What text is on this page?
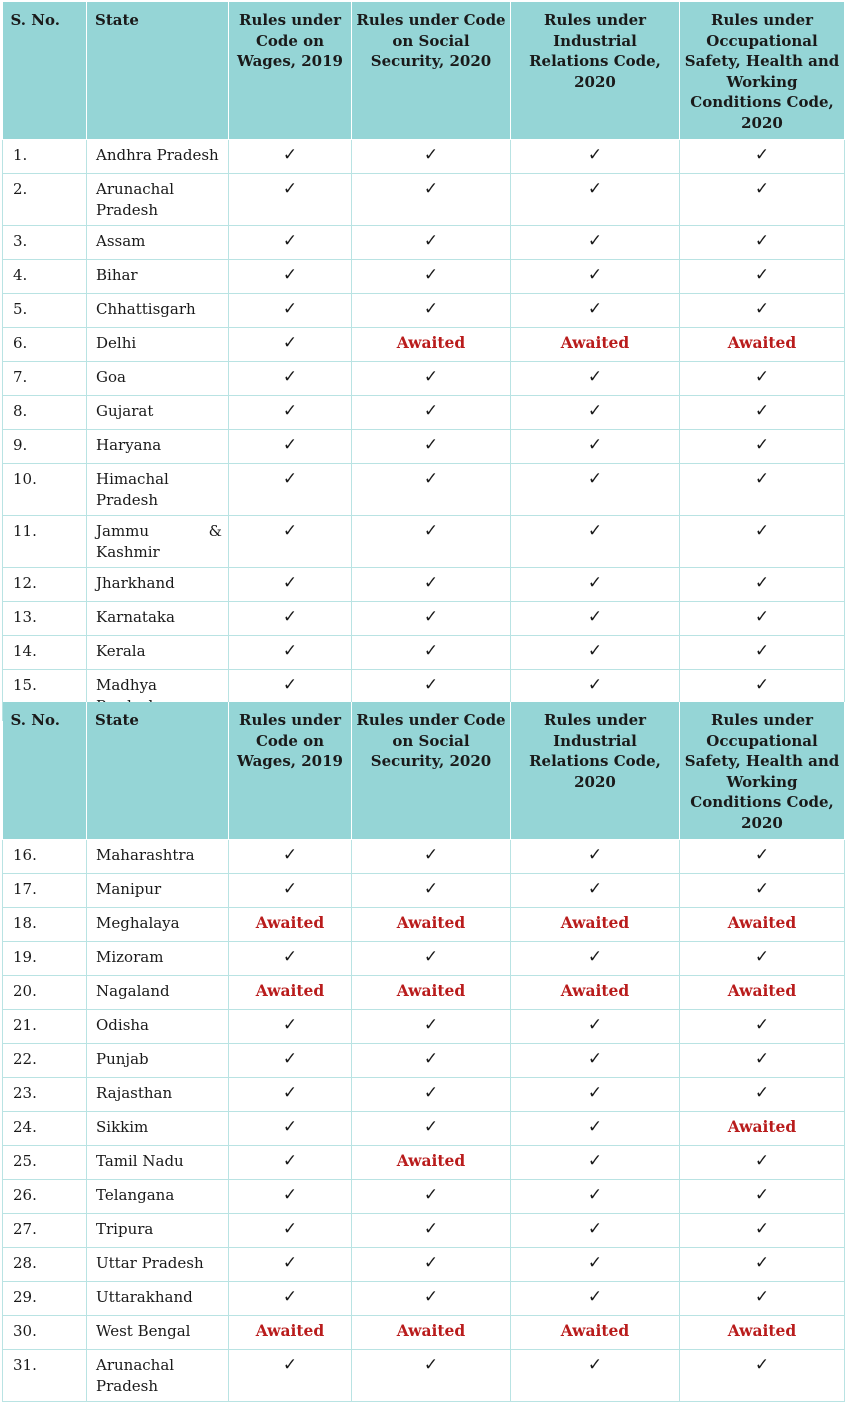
S. No.	State	Rules under Code on Wages, 2019	Rules under Code on Social Security, 2020	Rules under Industrial Relations Code, 2020	Rules under Occupational Safety, Health and Working Conditions Code, 2020
1.	Andhra Pradesh	✓	✓	✓	✓
2.	Arunachal Pradesh	✓	✓	✓	✓
3.	Assam	✓	✓	✓	✓
4.	Bihar	✓	✓	✓	✓
5.	Chhattisgarh	✓	✓	✓	✓
6.	Delhi	✓	Awaited	Awaited	Awaited
7.	Goa	✓	✓	✓	✓
8.	Gujarat	✓	✓	✓	✓
9.	Haryana	✓	✓	✓	✓
10.	Himachal Pradesh	✓	✓	✓	✓
11.	Jammu & Kashmir	✓	✓	✓	✓
12.	Jharkhand	✓	✓	✓	✓
13.	Karnataka	✓	✓	✓	✓
14.	Kerala	✓	✓	✓	✓
15.	Madhya	✓	✓	✓	✓
S. No.	State	Rules under Code on Wages, 2019	Rules under Code on Social Security, 2020	Rules under Industrial Relations Code, 2020	Rules under Occupational Safety, Health and Working Conditions Code, 2020
16.	Maharashtra	✓	✓	✓	✓
17.	Manipur	✓	✓	✓	✓
18.	Meghalaya	Awaited	Awaited	Awaited	Awaited
19.	Mizoram	✓	✓	✓	✓
20.	Nagaland	Awaited	Awaited	Awaited	Awaited
21.	Odisha	✓	✓	✓	✓
22.	Punjab	✓	✓	✓	✓
23.	Rajasthan	✓	✓	✓	✓
24.	Sikkim	✓	✓	✓	Awaited
25.	Tamil Nadu	✓	Awaited	✓	✓
26.	Telangana	✓	✓	✓	✓
27.	Tripura	✓	✓	✓	✓
28.	Uttar Pradesh	✓	✓	✓	✓
29.	Uttarakhand	✓	✓	✓	✓
30.	West Bengal	Awaited	Awaited	Awaited	Awaited
31.	Arunachal Pradesh	✓	✓	✓	✓
